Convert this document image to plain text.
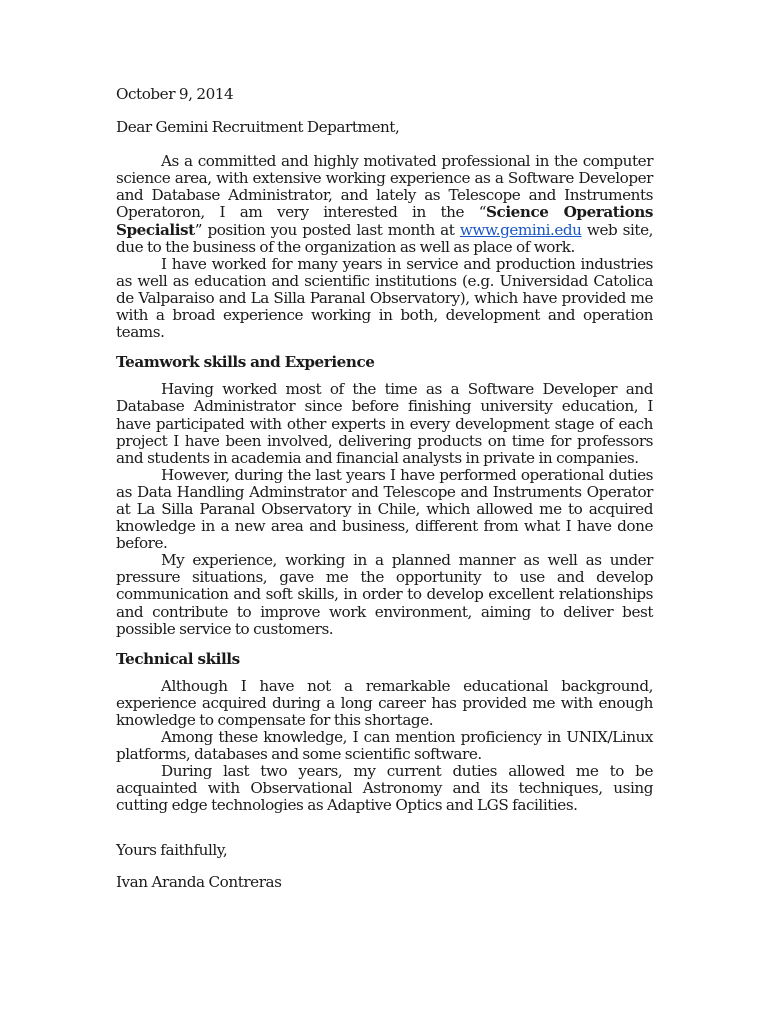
October 9, 2014

Dear Gemini Recruitment Department,

As a committed and highly motivated professional in the computer science area, with extensive working experience as a Software Developer and Database Administrator, and lately as Telescope and Instruments Operatoron, I am very interested in the “Science Operations Specialist” position you posted last month at www.gemini.edu web site, due to the business of the organization as well as place of work.

I have worked for many years in service and production industries as well as education and scientific institutions (e.g. Universidad Catolica de Valparaiso and La Silla Paranal Observatory), which have provided me with a broad experience working in both, development and operation teams.

Teamwork skills and Experience

Having worked most of the time as a Software Developer and Database Administrator since before finishing university education, I have participated with other experts in every development stage of each project I have been involved, delivering products on time for professors and students in academia and financial analysts in private in companies.

However, during the last years I have performed operational duties as Data Handling Adminstrator and Telescope and Instruments Operator at La Silla Paranal Observatory in Chile, which allowed me to acquired knowledge in a new area and business, different from what I have done before.

My experience, working in a planned manner as well as under pressure situations, gave me the opportunity to use and develop communication and soft skills, in order to develop excellent relationships and contribute to improve work environment, aiming to deliver best possible service to customers.

Technical skills

Although I have not a remarkable educational background, experience acquired during a long career has provided me with enough knowledge to compensate for this shortage.

Among these knowledge, I can mention proficiency in UNIX/Linux platforms, databases and some scientific software.

During last two years, my current duties allowed me to be acquainted with Observational Astronomy and its techniques, using cutting edge technologies as Adaptive Optics and LGS facilities.

Yours faithfully,

Ivan Aranda Contreras
